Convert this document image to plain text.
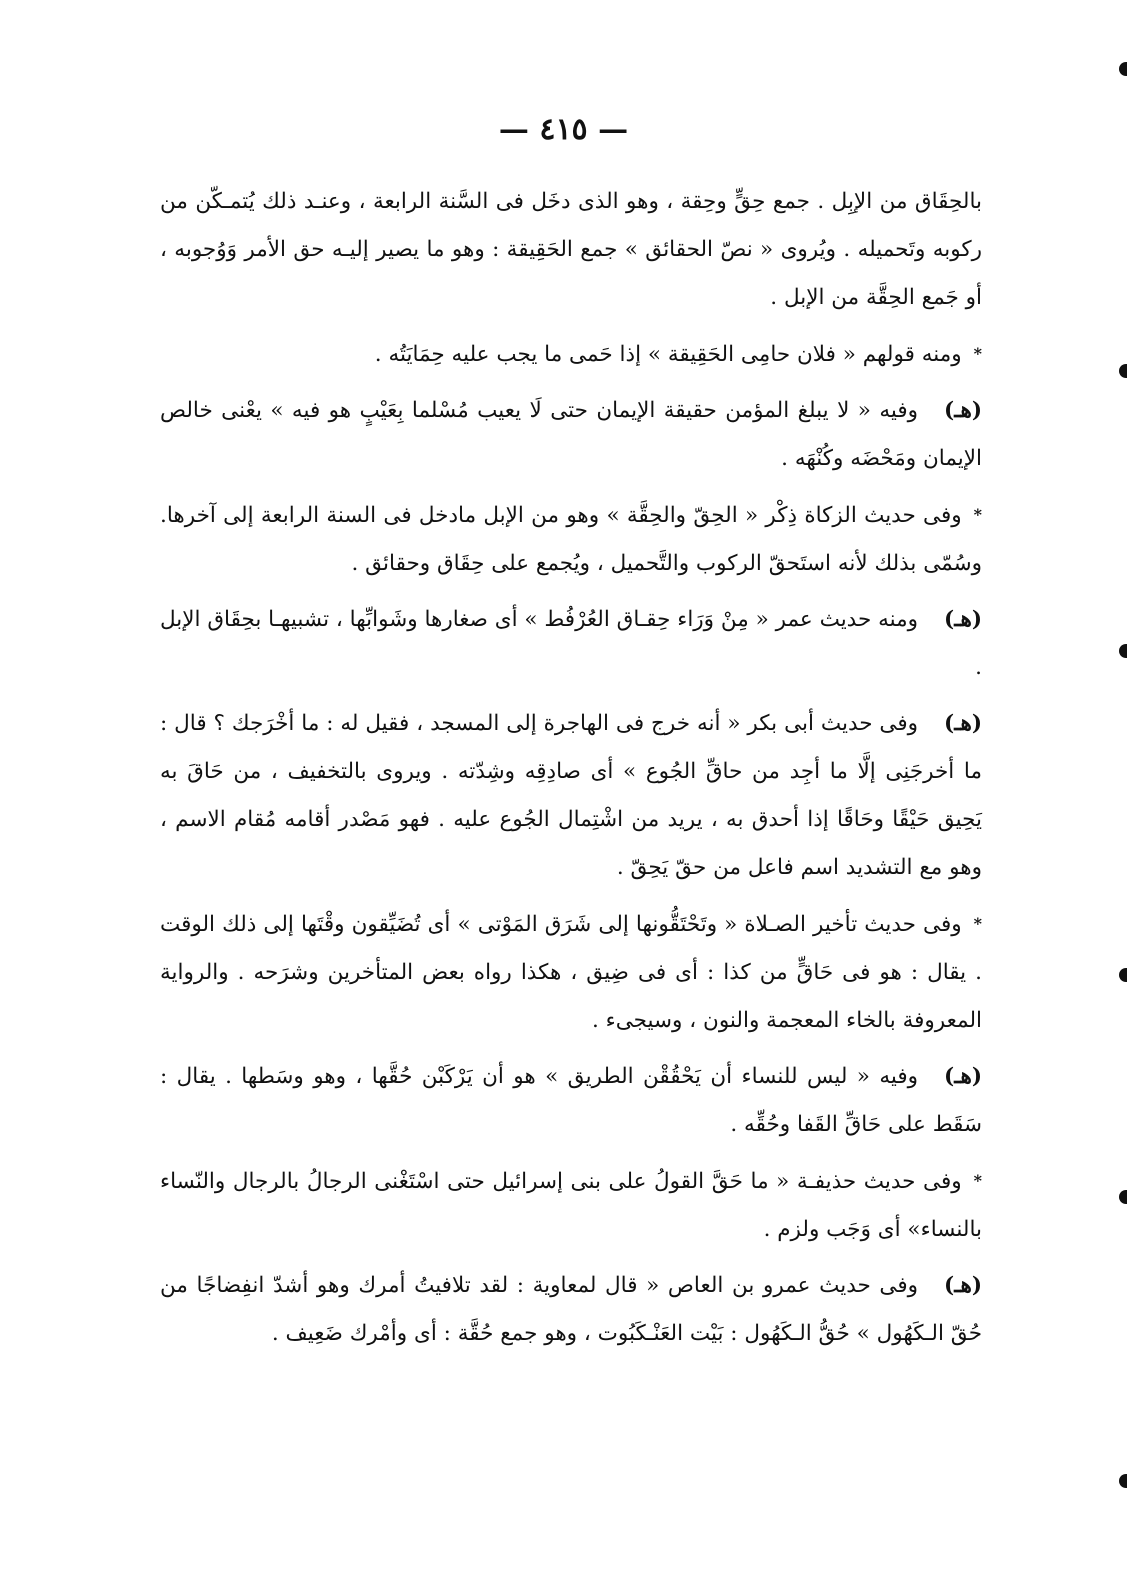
— ٤١٥ —

بالحِقَاق من الإبِل . جمع حِقٍّ وحِقة ، وهو الذى دخَل فى السَّنة الرابعة ، وعنـد ذلك يُتمـكّن من ركوبه وتَحميله . ويُروى « نصّ الحقائق » جمع الحَقِيقة : وهو ما يصير إليـه حق الأمر وَوُجوبه ، أو جَمع الحِقَّة من الإبل .

*ومنه قولهم « فلان حامِى الحَقِيقة » إذا حَمى ما يجب عليه حِمَايَتُه .

(هـ)وفيه « لا يبلغ المؤمن حقيقة الإيمان حتى لَا يعيب مُسْلما بِعَيْبٍ هو فيه » يعْنى خالص الإيمان ومَحْضَه وكُنْهَه .

*وفى حديث الزكاة ذِكْر « الحِقّ والحِقَّة » وهو من الإبل مادخل فى السنة الرابعة إلى آخرها. وسُمّى بذلك لأنه استَحقّ الركوب والتَّحميل ، ويُجمع على حِقَاق وحقائق .

(هـ)ومنه حديث عمر « مِنْ وَرَاء حِقـاق العُرْفُط » أى صغارها وشَوابِّها ، تشبيهـا بحِقَاق الإبل .

(هـ)وفى حديث أبى بكر « أنه خرج فى الهاجرة إلى المسجد ، فقيل له : ما أخْرَجك ؟ قال : ما أخرجَنِى إلَّا ما أجِد من حاقِّ الجُوع » أى صادِقِه وشِدّته . ويروى بالتخفيف ، من حَاقَ به يَحِيق حَيْقًا وحَاقًا إذا أحدق به ، يريد من اشْتِمال الجُوع عليه . فهو مَصْدر أقامه مُقام الاسم ، وهو مع التشديد اسم فاعل من حقّ يَحِقّ .

*وفى حديث تأخير الصـلاة « وتَحْتَقُّونها إلى شَرَق المَوْتى » أى تُضَيِّقون وقْتَها إلى ذلك الوقت . يقال : هو فى حَاقٍّ من كذا : أى فى ضِيق ، هكذا رواه بعض المتأخرين وشرَحه . والرواية المعروفة بالخاء المعجمة والنون ، وسيجىء .

(هـ)وفيه « ليس للنساء أن يَحْقُقْن الطريق » هو أن يَرْكَبْن حُقَّها ، وهو وسَطها . يقال : سَقَط على حَاقِّ القَفا وحُقِّه .

*وفى حديث حذيفـة « ما حَقَّ القولُ على بنى إسرائيل حتى اسْتَغْنى الرجالُ بالرجال والنّساء بالنساء» أى وَجَب ولزم .

(هـ)وفى حديث عمرو بن العاص « قال لمعاوية : لقد تلافيتُ أمرك وهو أشدّ انفِضاجًا من حُقّ الـكَهُول » حُقُّ الـكَهُول : بَيْت العَنْـكَبُوت ، وهو جمع حُقَّة : أى وأمْرك ضَعِيف .
